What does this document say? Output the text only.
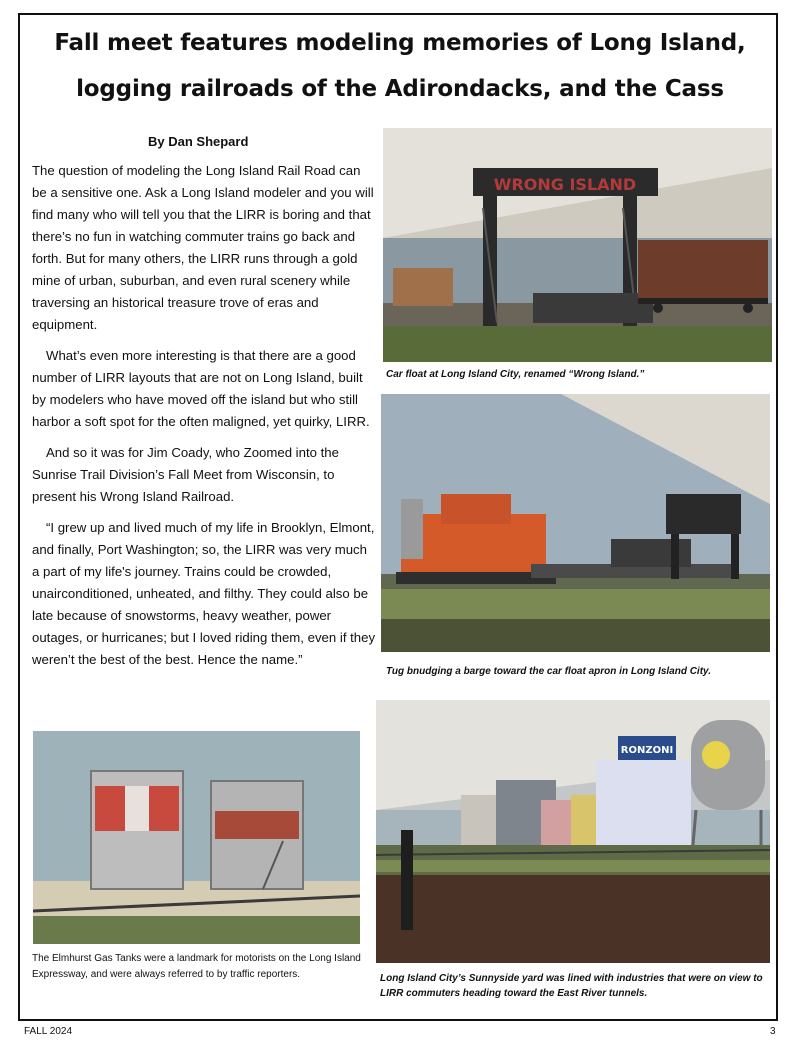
Fall meet features modeling memories of Long Island,
logging railroads of the Adirondacks, and the Cass
By Dan Shepard

The question of modeling the Long Island Rail Road can be a sensitive one. Ask a Long Island modeler and you will find many who will tell you that the LIRR is boring and that there’s no fun in watching commuter trains go back and forth. But for many others, the LIRR runs through a gold mine of urban, suburban, and even rural scenery while traversing an historical treasure trove of eras and equipment.

What’s even more interesting is that there are a good number of LIRR layouts that are not on Long Island, built by modelers who have moved off the island but who still harbor a soft spot for the often maligned, yet quirky, LIRR.

And so it was for Jim Coady, who Zoomed into the Sunrise Trail Division’s Fall Meet from Wisconsin, to present his Wrong Island Railroad.

“I grew up and lived much of my life in Brooklyn, Elmont, and finally, Port Washington; so, the LIRR was very much a part of my life's journey. Trains could be crowded, unairconditioned, unheated, and filthy. They could also be late because of snowstorms, heavy weather, power outages, or hurricanes; but I loved riding them, even if they weren’t the best of the best. Hence the name.”

WRONG ISLAND
Car float at Long Island City, renamed “Wrong Island.”
Tug bnudging a barge toward the car float apron in Long Island City.
The Elmhurst Gas Tanks were a landmark for motorists on the Long Island Expressway, and were always referred to by traffic reporters.
RONZONI
Long Island City’s Sunnyside yard was lined with industries that were on view to LIRR commuters heading toward the East River tunnels.
FALL 2024	3
